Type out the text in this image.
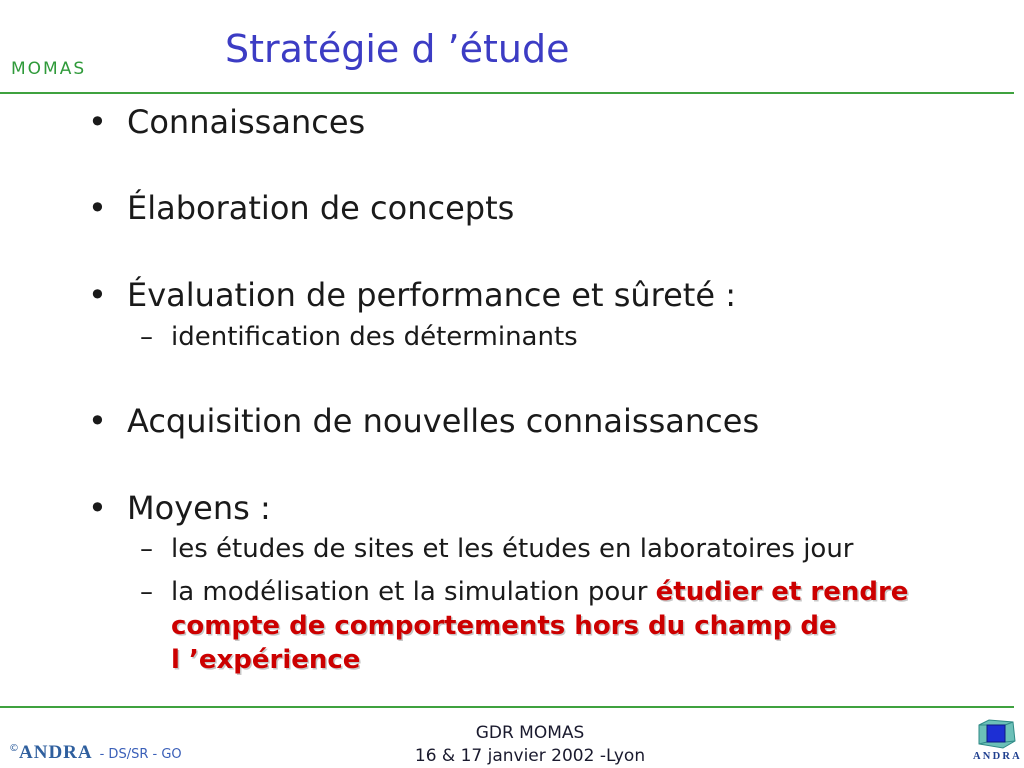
MOMAS	Stratégie d ’étude
• Connaissances
• Élaboration de concepts
• Évaluation de performance et sûreté :
– identification des déterminants
• Acquisition de nouvelles connaissances
• Moyens :
– les études de sites et les études en laboratoires jour
– la modélisation et la simulation pour étudier et rendre
compte de comportements hors du champ de
l ’expérience
© ANDRA - DS/SR - GO
GDR MOMAS
16 & 17 janvier 2002 -Lyon	ANDRA
